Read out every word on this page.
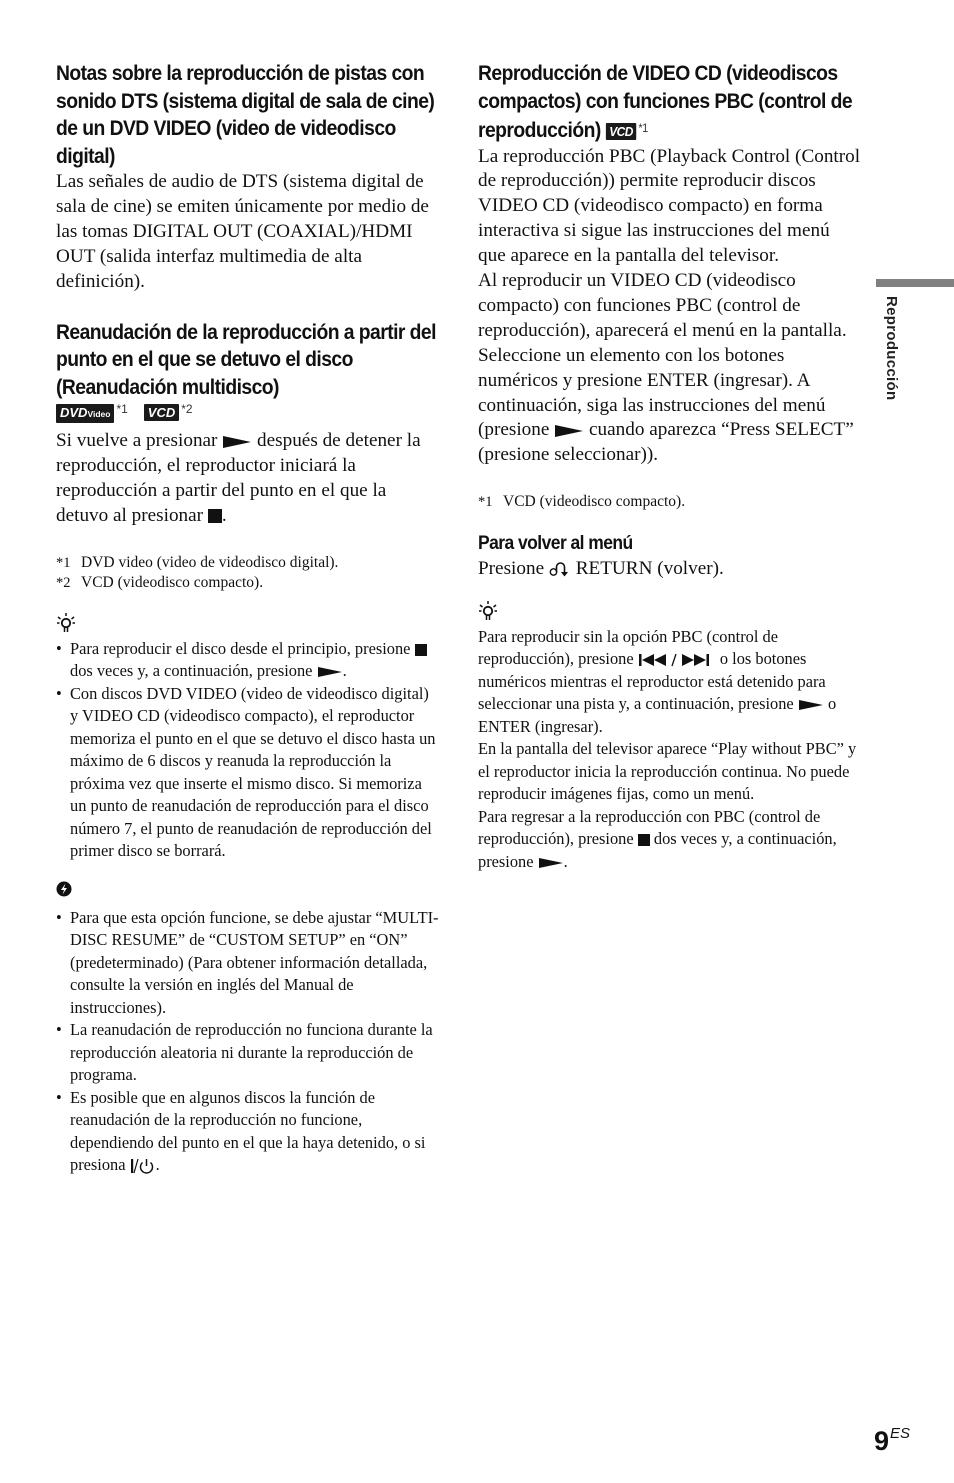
Notas sobre la reproducción de pistas con sonido DTS (sistema digital de sala de cine) de un DVD VIDEO (video de videodisco digital)

Las señales de audio de DTS (sistema digital de sala de cine) se emiten únicamente por medio de las tomas DIGITAL OUT (COAXIAL)/HDMI OUT (salida interfaz multimedia de alta definición).

Reanudación de la reproducción a partir del punto en el que se detuvo el disco (Reanudación multidisco)
DVDVideo $^{*1}$ VCD $^{*2}$

Si vuelve a presionar después de detener la reproducción, el reproductor iniciará la reproducción a partir del punto en el que la detuvo al presionar .

*1 DVD video (video de videodisco digital).

*2 VCD (videodisco compacto).

• Para reproducir el disco desde el principio, presione  dos veces y, a continuación, presione .
• Con discos DVD VIDEO (video de videodisco digital) y VIDEO CD (videodisco compacto), el reproductor memoriza el punto en el que se detuvo el disco hasta un máximo de 6 discos y reanuda la reproducción la próxima vez que inserte el mismo disco. Si memoriza un punto de reanudación de reproducción para el disco número 7, el punto de reanudación de reproducción del primer disco se borrará.
• Para que esta opción funcione, se debe ajustar “MULTI-DISC RESUME” de “CUSTOM SETUP” en “ON” (predeterminado) (Para obtener información detallada, consulte la versión en inglés del Manual de instrucciones).
• La reanudación de reproducción no funciona durante la reproducción aleatoria ni durante la reproducción de programa.
• Es posible que en algunos discos la función de reanudación de la reproducción no funcione, dependiendo del punto en el que la haya detenido, o si presiona .
Reproducción de VIDEO CD (videodiscos compactos) con funciones PBC (control de reproducción) VCD $^{*1}$

La reproducción PBC (Playback Control (Control de reproducción)) permite reproducir discos VIDEO CD (videodisco compacto) en forma interactiva si sigue las instrucciones del menú que aparece en la pantalla del televisor.

Al reproducir un VIDEO CD (videodisco compacto) con funciones PBC (control de reproducción), aparecerá el menú en la pantalla.

Seleccione un elemento con los botones numéricos y presione ENTER (ingresar). A continuación, siga las instrucciones del menú (presione cuando aparezca “Press SELECT” (presione seleccionar)).

*1 VCD (videodisco compacto).

Para volver al menú

Presione RETURN (volver).

Para reproducir sin la opción PBC (control de reproducción), presione	o los botones numéricos mientras el reproductor está detenido para seleccionar una pista y, a continuación, presione o ENTER (ingresar).

En la pantalla del televisor aparece “Play without PBC” y el reproductor inicia la reproducción continua. No puede reproducir imágenes fijas, como un menú.

Para regresar a la reproducción con PBC (control de reproducción), presione dos veces y, a continuación, presione .

Reproducción
$9^{ES}$
